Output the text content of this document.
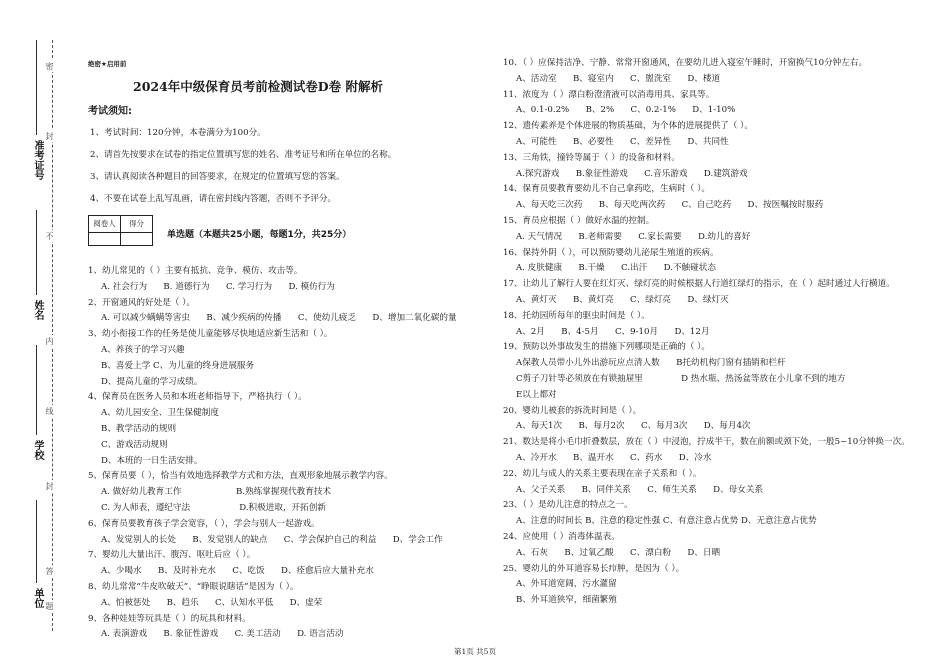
准考证号
姓名
学校
单位
密
封
不
内
线
封
答
题
绝密★启用前
2024年中级保育员考前检测试卷D卷 附解析
考试须知:
1、考试时间：120分钟，本卷满分为100分。
2、请首先按要求在试卷的指定位置填写您的姓名、准考证号和所在单位的名称。
3、请认真阅读各种题目的回答要求，在规定的位置填写您的答案。
4、不要在试卷上乱写乱画，请在密封线内答题，否则不予评分。
阅卷人	得分

单选题（本题共25小题，每题1分，共25分）
1、幼儿常见的（ ）主要有抵抗、竞争、模仿、攻击等。
A. 社会行为      B. 道德行为      C. 学习行为      D. 模仿行为
2、开窗通风的好处是（ ）。
A. 可以减少螨螨等害虫      B、减少疾病的传播      C、使幼儿疲乏      D、增加二氧化碳的量
3、幼小衔接工作的任务是使儿童能够尽快地适应新生活和（ ）。
A、养孩子的学习兴趣
B、喜爱上学 C、为儿童的终身进展服务
D、提高儿童的学习成绩。
4、保育员在医务人员和本班老师指导下，严格执行（ ）。
A、幼儿园安全、卫生保健制度
B、教学活动的规则
C、游戏活动规则
D、本班的一日生活安排。
5、保育员要（ ），恰当有效地选择教学方式和方法，直观形象地展示教学内容。
A. 做好幼儿教育工作                    B.熟练掌握现代教育技术
C. 为人师表，遵纪守法                  D.积极进取，开拓创新
6、保育员要教育孩子学会宽容，（ ），学会与别人一起游戏。
A、发觉别人的长处      B、发觉别人的缺点      C、学会保护自己的利益      D、学会工作
7、婴幼儿大量出汗、腹泻、呕吐后应（ ）。
A、少喝水      B、及时补充水      C、吃饭      D、痊愈后应大量补充水
8、幼儿常常“牛皮吹破天”、“睁眼说瞎话”是因为（ ）。
A、怕被惩处      B、趋乐      C、认知水平低      D、虚荣
9、各种娃娃等玩具是（ ）的玩具和材料。
A. 表演游戏      B. 象征性游戏      C. 美工活动      D. 语言活动
10、（ ）应保持洁净、宁静、常常开窗通风，在要幼儿进入寝室午睡时，开窗换气10分钟左右。
A、活动室      B、寝室内      C、盥洗室      D、楼道
11、浓度为（ ）漂白粉澄清液可以消毒用具、家具等。
A、0.1-0.2%      B、2%      C、0.2-1%      D、1-10%
12、遗传素养是个体进展的物质基础，为个体的进展提供了（ ）。
A、可能性      B、必要性      C、差异性      D、共同性
13、三角铁，撞铃等属于（ ）的设备和材料。
A.探究游戏      B.象征性游戏      C.音乐游戏      D.建筑游戏
14、保育员要教育要幼儿不自己拿药吃，生病时（ ）。
A、每天吃三次药      B、每天吃两次药      C、自己吃药      D、按医嘱按时服药
15、育员应根据（ ）做好水温的控制。
A. 天气情况      B.老师需要      C.家长需要      D.幼儿的喜好
16、保持外阴（ ），可以预防婴幼儿泌尿生殖道的疾病。
A. 皮肤健康      B.干燥      C.出汗      D.不触碰状态
17、让幼儿了解行人要在红灯灭、绿灯亮的时候根据人行道红绿灯的指示，在（ ）起时通过人行横道。
A、黄灯灭      B、黄灯亮      C、绿灯亮      D、绿灯灭
18、托幼园所每年的驱虫时间是（ ）。
A、2月      B、4-5月      C、9-10月      D、12月
19、预防以外事故发生的措施下列哪项是正确的（ ）。
A保教人员带小儿外出游玩应点清人数      B托幼机构门窗有插销和栏杆
C剪子刀针等必须放在有锁抽屉里              D 热水瓶、热汤盆等放在小儿拿不到的地方
E以上都对
20、婴幼儿被套的拆洗时间是（ ）。
A、每天1次      B、每月2次      C、每月3次      D、每月4次
21、数达是将小毛巾折叠数层，放在（ ）中浸泡，拧成半干，数在前额或颈下处，一般5~10分钟换一次。
A、冷开水      B、温开水      C、药水      D、冷水
22、幼儿与成人的关系主要表现在亲子关系和（ ）。
A、父子关系      B、同伴关系      C、师生关系      D、母女关系
23、（ ）是幼儿注意的特点之一。
A、注意的时间长 B、注意的稳定性强 C、有意注意占优势 D、无意注意占优势
24、应使用（ ）消毒体温表。
A、石灰      B、过氧乙酸      C、漂白粉      D、日晒
25、婴幼儿的外耳道容易长疖肿，是因为（ ）。
A、外耳道宽阔，污水灌留
B、外耳道狭窄，细菌繁殖
第1页 共5页
